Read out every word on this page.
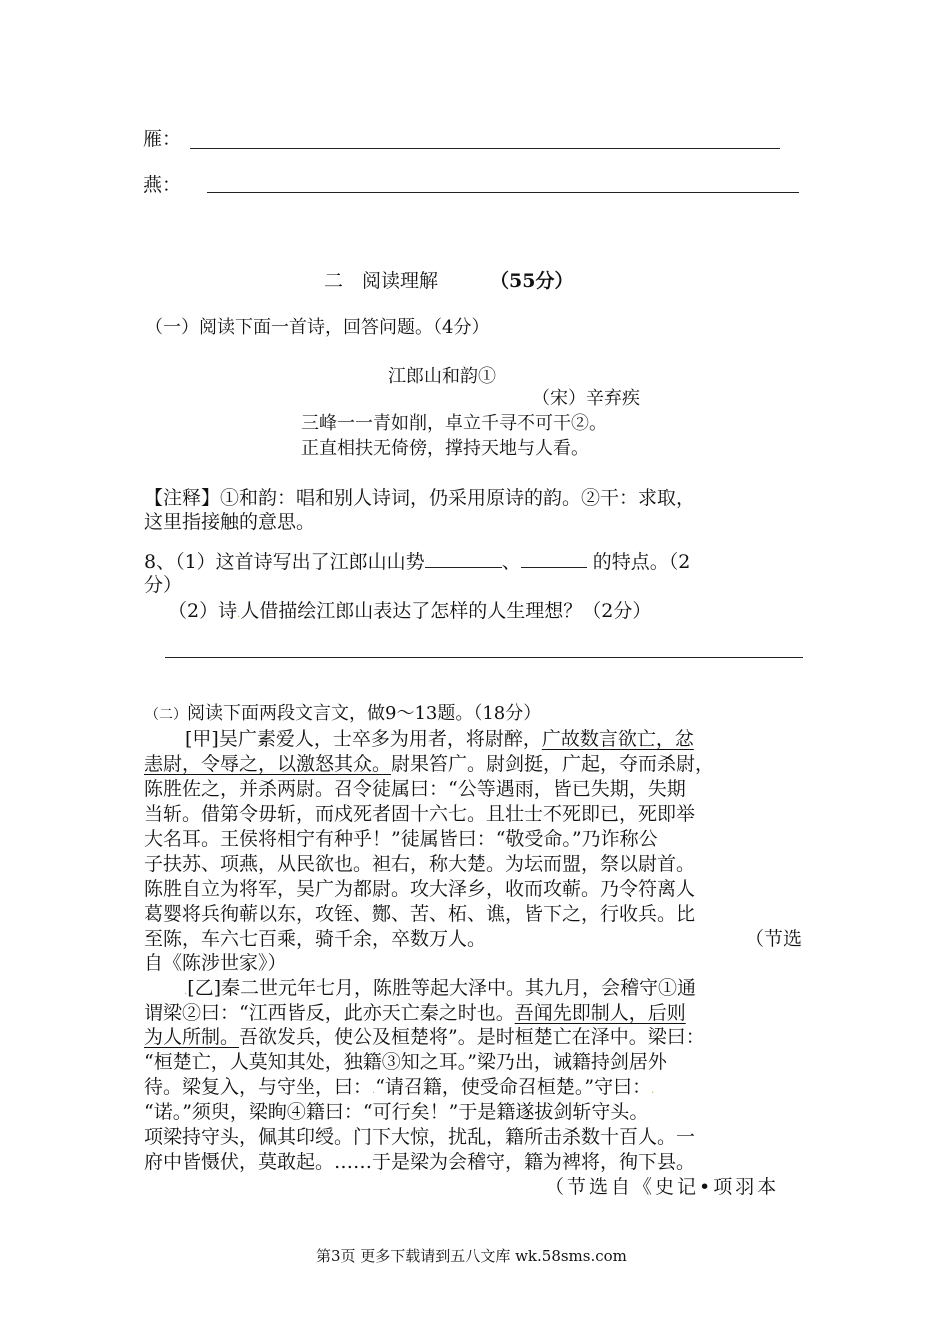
雁：
燕：
二　阅读理解	（55分）
（一）阅读下面一首诗，回答问题。（4分）
江郎山和韵①
（宋）辛弃疾
三峰一一青如削，卓立千寻不可干②。
正直相扶无倚傍，撑持天地与人看。
【注释】①和韵：唱和别人诗词，仍采用原诗的韵。②干：求取，
这里指接触的意思。
8、（1）这首诗写出了江郎山山势	、	的特点。（2
分）
（2）诗.人借描绘江郎山表达了怎样的人生理想？（2分）
（二）阅读下面两段文言文，做9～13题。（18分）
[甲]吴广素爱人，士卒多为用者，将尉醉，广故数言欲亡，忿
恚尉，令辱之，以激怒其众。尉果笞广。尉剑挺，广起，夺而杀尉，
陈胜佐之，并杀两尉。召令徒属曰：“公等遇雨，皆已失期，失期
当斩。借第令毋斩，而戍死者固十六七。且壮士不死即已，死即举
大名耳。王侯将相宁有种乎！”徒属皆曰：“敬受命。”乃诈称公
子扶苏、项燕，从民欲也。袒右，称大楚。为坛而盟，祭以尉首。
陈胜自立为将军，吴广为都尉。攻大泽乡，收而攻蕲。乃令符离人
葛婴将兵徇蕲以东，攻铚、酂、苦、柘、谯，皆下之，行收兵。比
至陈，车六七百乘，骑千余，卒数万人。	（节选
自《陈涉世家》）
.[乙]秦二世元年七月，陈胜等起大泽中。其九月，会稽守①通
谓梁②曰：“江西皆反，此亦天亡秦之时也。吾闻先即制人，后则
为人所制。吾欲发兵，使公及桓楚将”。是时桓楚亡在泽中。梁曰：
“桓楚亡，人莫知其处，独籍③知之耳。”梁乃出，诫籍持剑居外
待。梁复入，与守坐，曰：.“请召籍，使受命召桓楚。”守曰：.
“诺。”须臾，梁眴④籍曰：“可行矣！”于是籍遂拔剑斩守头。
项梁持守头，佩其印绶。门下大惊，扰乱，籍所击杀数十百人。一
府中皆慑伏，莫敢起。……于是梁为会稽守，籍为裨将，徇下县。
（节选自《史记•项羽本
第3页 更多下载请到五八文库 wk.58sms.com
